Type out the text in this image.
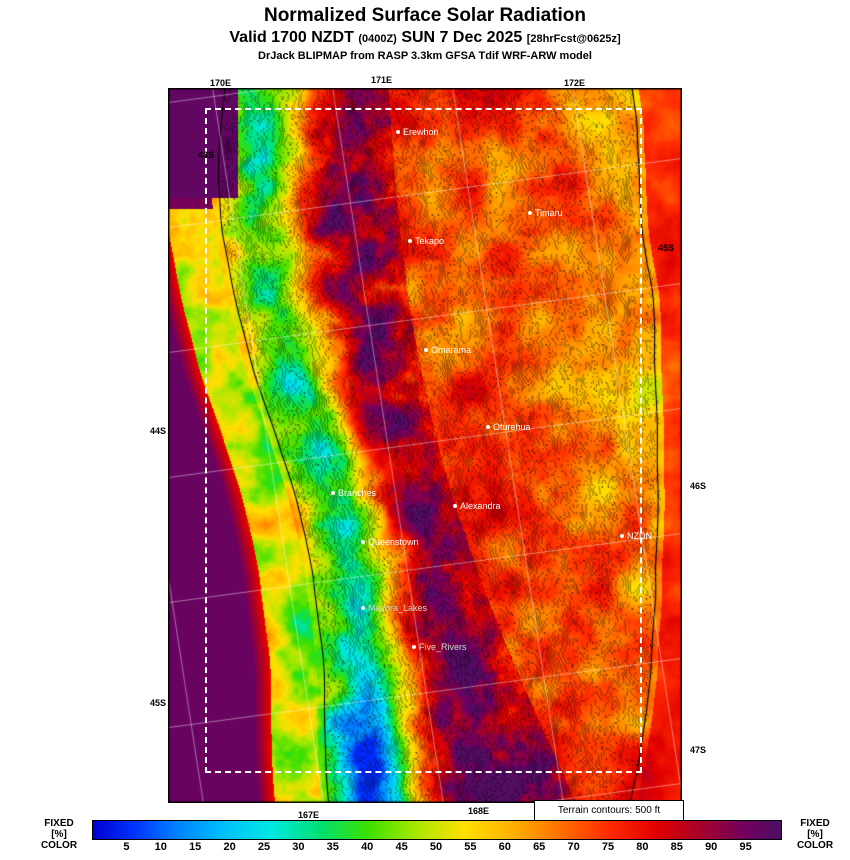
Normalized Surface Solar Radiation
Valid 1700 NZDT (0400Z) SUN 7 Dec 2025 [28hrFcst@0625z]
DrJack BLIPMAP from RASP 3.3km GFSA Tdif WRF-ARW model
Erewhon
Timaru
Tekapo
Omarama
Oturehua
Branches
Alexandra
NZDN
Queenstown
Mavora_Lakes
Five_Rivers
170E	171E	172E
43S
45S
44S
46S
45S
47S
167E	168E	Terrain contours: 500 ft
FIXED
[%]
COLOR	5 10 15 20 25 30 35 40 45 50 55 60 65 70 75 80 85 90 95
FIXED
[%]
COLOR
